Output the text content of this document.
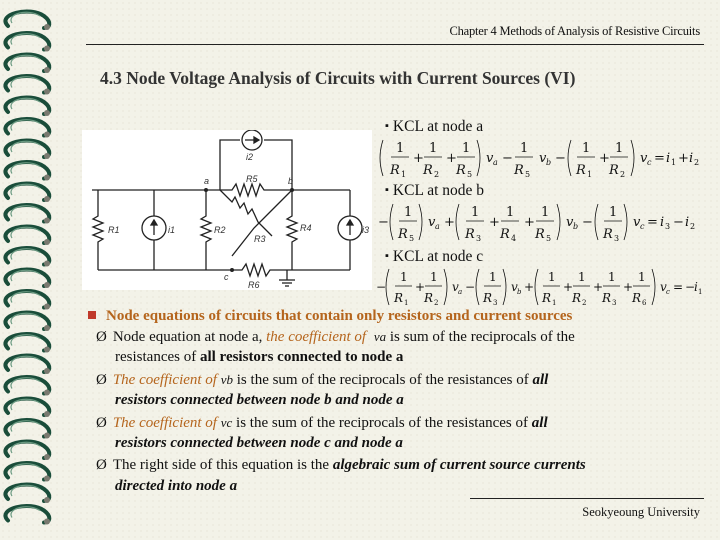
Chapter 4 Methods of Analysis of Resistive Circuits
4.3 Node Voltage Analysis of Circuits with Current Sources (VI)
i2
R5
a	b
R1	i1	R2
R3
R4	i3
c
R6
▪ KCL at node a
▪ KCL at node b
▪ KCL at node c
1
R 1
+
1
R 2
+
1
R 5
v a −
1
R 5
v b −
1
R 1
+
1
R 2
v c = i 1 + i 2
−
1
R 5
v a +
1
R 3
+
1
R 4
+
1
R 5
v b −
1
R 3
v c = i 3 − i 2
−
1
R 1
+
1
R 2
v a −
1
R 3
v b +
1
R 1
+
1
R 2
+
1
R 3
+
1
R 6
v c = −
i 1
Node equations of circuits that contain only resistors and current sources
Ø Node equation at node a, the coefficient of va is sum of the reciprocals of the
resistances of all resistors connected to node a
Ø The coefficient of vb is the sum of the reciprocals of the resistances of all
resistors connected between node b and node a
Ø The coefficient of vc is the sum of the reciprocals of the resistances of all
resistors connected between node c and node a
Ø The right side of this equation is the algebraic sum of current source currents
directed into node a
Seokyeoung University
